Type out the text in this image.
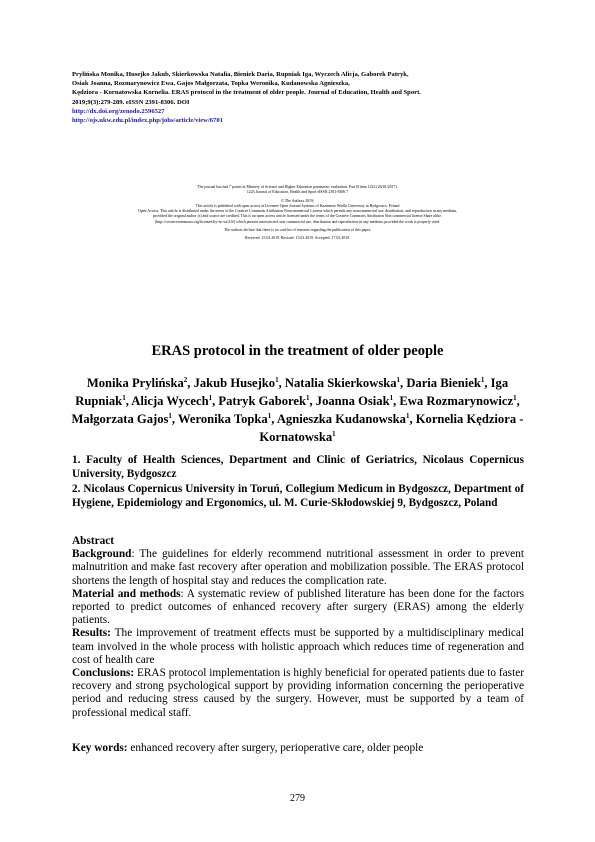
Prylińska Monika, Husejko Jakub, Skierkowska Natalia, Bieniek Daria, Rupniak Iga, Wyczech Alicja, Gaborek Patryk,
Osiak Joanna, Rozmarynowicz Ewa, Gajos Małgorzata, Topka Weronika, Kudanowska Agnieszka,
Kędziora - Kornatowska Kornelia. ERAS protocol in the treatment of older people. Journal of Education, Health and Sport.
2019;9(3):279-289. eISSN 2391-8306. DOI
http://dx.doi.org/zenodo.2596527
http://ojs.ukw.edu.pl/index.php/johs/article/view/6701
The journal has had 7 points in Ministry of Science and Higher Education parametric evaluation. Part B item 1223 (26/01/2017).
1223 Journal of Education, Health and Sport eISSN 2391-8306 7
© The Authors 2019;
This article is published with open access at Licensee Open Journal Systems of Kazimierz Wielki University in Bydgoszcz, Poland
Open Access. This article is distributed under the terms of the Creative Commons Attribution Noncommercial License which permits any noncommercial use, distribution, and reproduction in any medium,
provided the original author (s) and source are credited. This is an open access article licensed under the terms of the Creative Commons Attribution Non commercial license Share alike.
(http://creativecommons.org/licenses/by-nc-sa/4.0/) which permits unrestricted, non commercial use, distribution and reproduction in any medium, provided the work is properly cited.
The authors declare that there is no conflict of interests regarding the publication of this paper.
Received: 15.02.2019. Revised: 15.02.2019. Accepted: 17.03.2019.
ERAS protocol in the treatment of older people
Monika Prylińska$^2$, Jakub Husejko$^1$, Natalia Skierkowska$^1$, Daria Bieniek$^1$, Iga Rupniak$^1$, Alicja Wycech$^1$, Patryk Gaborek$^1$, Joanna Osiak$^1$, Ewa Rozmarynowicz$^1$, Małgorzata Gajos$^1$, Weronika Topka$^1$, Agnieszka Kudanowska$^1$, Kornelia Kędziora - Kornatowska$^1$
1. Faculty of Health Sciences, Department and Clinic of Geriatrics, Nicolaus Copernicus University, Bydgoszcz
2. Nicolaus Copernicus University in Toruń, Collegium Medicum in Bydgoszcz, Department of Hygiene, Epidemiology and Ergonomics, ul. M. Curie-Skłodowskiej 9, Bydgoszcz, Poland

Abstract

Background: The guidelines for elderly recommend nutritional assessment in order to prevent malnutrition and make fast recovery after operation and mobilization possible. The ERAS protocol shortens the length of hospital stay and reduces the complication rate.

Material and methods: A systematic review of published literature has been done for the factors reported to predict outcomes of enhanced recovery after surgery (ERAS) among the elderly patients.

Results: The improvement of treatment effects must be supported by a multidisciplinary medical team involved in the whole process with holistic approach which reduces time of regeneration and cost of health care

Conclusions: ERAS protocol implementation is highly beneficial for operated patients due to faster recovery and strong psychological support by providing information concerning the perioperative period and reducing stress caused by the surgery. However, must be supported by a team of professional medical staff.

Key words: enhanced recovery after surgery, perioperative care, older people
279
